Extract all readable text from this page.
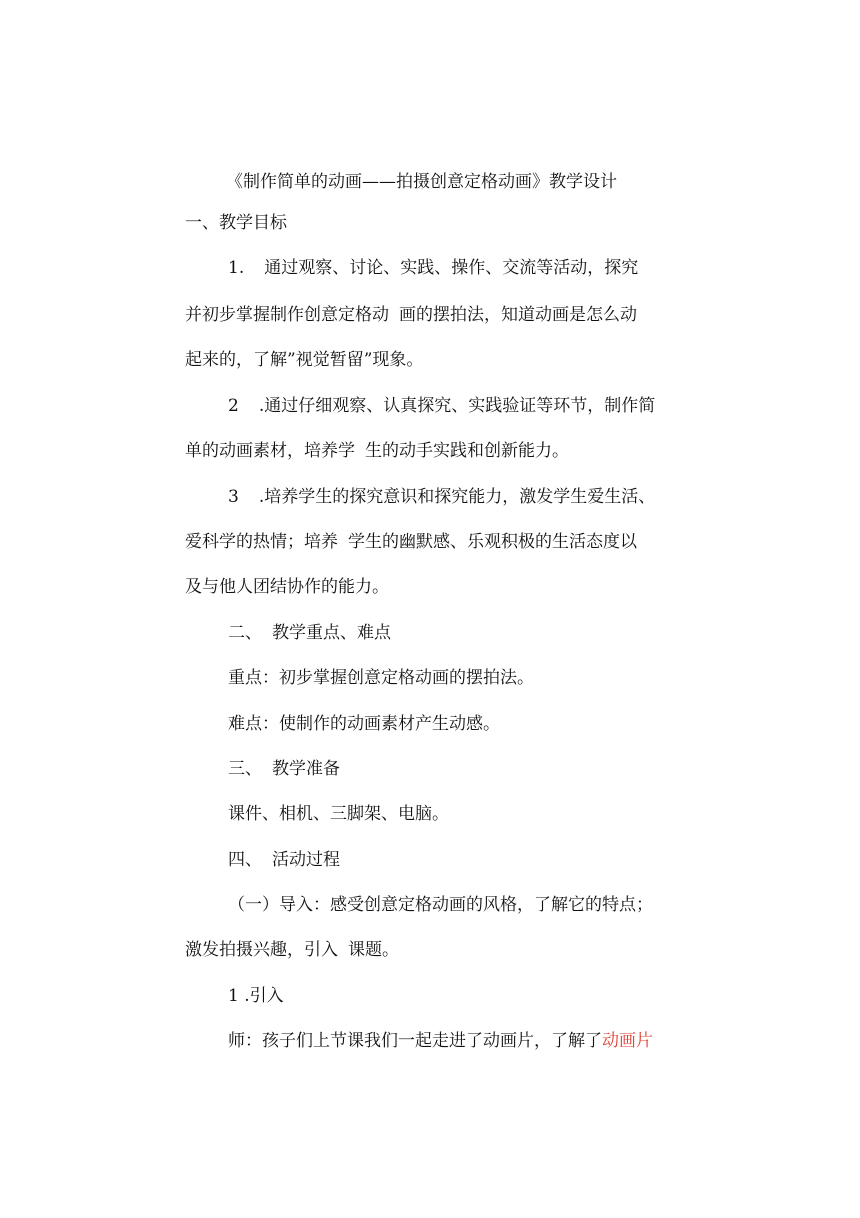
《制作简单的动画——拍摄创意定格动画》教学设计
一、教学目标
1. 通过观察、讨论、实践、操作、交流等活动，探究
并初步掌握制作创意定格动 画的摆拍法，知道动画是怎么动
起来的，了解”视觉暂留”现象。
2 .通过仔细观察、认真探究、实践验证等环节，制作简
单的动画素材，培养学 生的动手实践和创新能力。
3 .培养学生的探究意识和探究能力，激发学生爱生活、
爱科学的热情；培养 学生的幽默感、乐观积极的生活态度以
及与他人团结协作的能力。
二、 教学重点、难点
重点：初步掌握创意定格动画的摆拍法。
难点：使制作的动画素材产生动感。
三、 教学准备
课件、相机、三脚架、电脑。
四、 活动过程
（一）导入：感受创意定格动画的风格，了解它的特点；
激发拍摄兴趣，引入 课题。
1 .引入
师：孩子们上节课我们一起走进了动画片，了解了动画片
